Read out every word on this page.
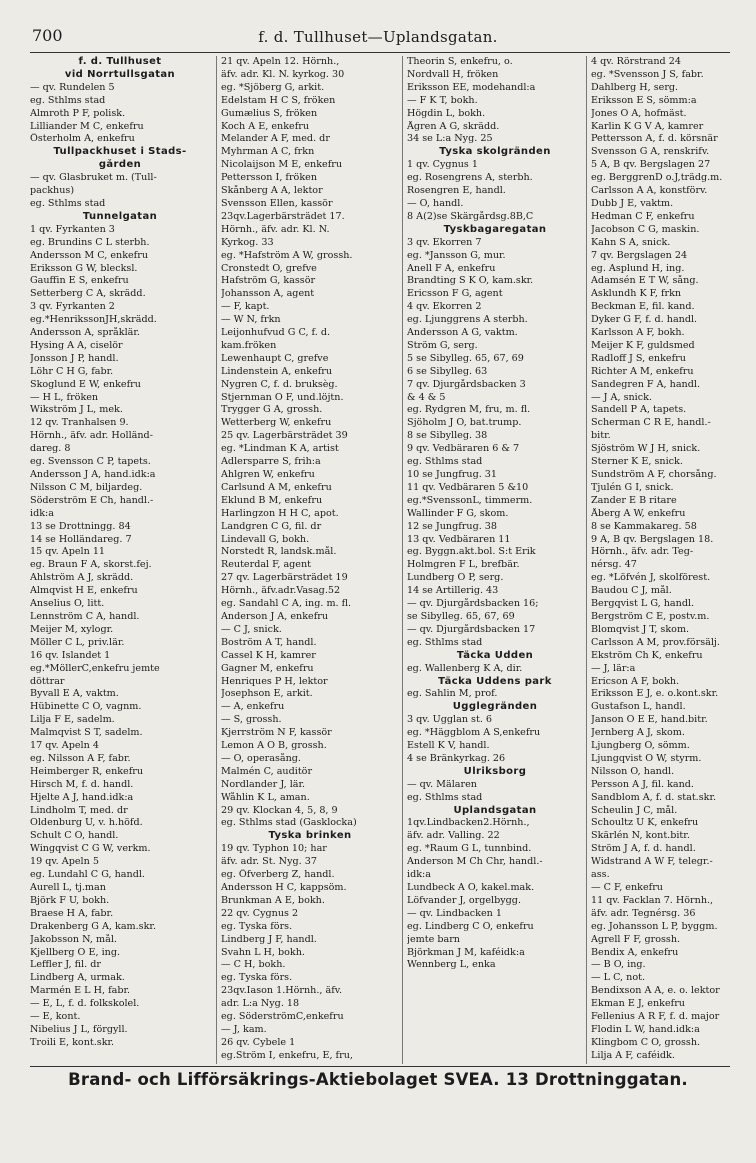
700	f. d. Tullhuset—Uplandsgatan.
f. d. Tullhuset
vid Norrtullsgatan
— qv. Rundelen 5
eg. Sthlms stad
Almroth P F, polisk.
Lilliander M C, enkefru
Österholm A, enkefru
Tullpackhuset i Stads-
gården
— qv. Glasbruket m. (Tull-
packhus)
eg. Sthlms stad
Tunnelgatan
1 qv. Fyrkanten 3
eg. Brundins C L sterbh.
Andersson M C, enkefru
Eriksson G W, blecksl.
Gauffin E S, enkefru
Setterberg C A, skrädd.
3 qv. Fyrkanten 2
eg.*HenrikssonJH,skrädd.
Andersson A, språklär.
Hysing A A, ciselör
Jonsson J P, handl.
Löhr C H G, fabr.
Skoglund E W, enkefru
— H L, fröken
Wikström J L, mek.
12 qv. Tranhalsen 9.
Hörnh., äfv. adr. Holländ-
dareg. 8
eg. Svensson C P, tapets.
Andersson J A, hand.idk:a
Nilsson C M, biljardeg.
Söderström E Ch, handl.-
idk:a
13 se Drottningg. 84
14 se Holländareg. 7
15 qv. Apeln 11
eg. Braun F A, skorst.fej.
Ahlström A J, skrädd.
Almqvist H E, enkefru
Anselius O, litt.
Lennström C A, handl.
Meijer M, xylogr.
Möller C L, priv.lär.
16 qv. Islandet 1
eg.*MöllerC,enkefru jemte
döttrar
Byvall E A, vaktm.
Hübinette C O, vagnm.
Lilja F E, sadelm.
Malmqvist S T, sadelm.
17 qv. Apeln 4
eg. Nilsson A F, fabr.
Heimberger R, enkefru
Hirsch M, f. d. handl.
Hjelte A J, hand.idk:a
Lindholm T, med. dr
Oldenburg U, v. h.höfd.
Schult C O, handl.
Wingqvist C G W, verkm.
19 qv. Apeln 5
eg. Lundahl C G, handl.
Aurell L, tj.man
Björk F U, bokh.
Braese H A, fabr.
Drakenberg G A, kam.skr.
Jakobsson N, mål.
Kjellberg O E, ing.
Leffler J, fil. dr
Lindberg A, urmak.
Marmén E L H, fabr.
— E, L, f. d. folkskolel.
— E, kont.
Nibelius J L, förgyll.
Troili E, kont.skr.
21 qv. Apeln 12. Hörnh.,
äfv. adr. Kl. N. kyrkog. 30
eg. *Sjöberg G, arkit.
Edelstam H C S, fröken
Gumælius S, fröken
Koch A E, enkefru
Melander A F, med. dr
Myhrman A C, frkn
Nicolaijson M E, enkefru
Pettersson I, fröken
Skånberg A A, lektor
Svensson Ellen, kassör
23qv.Lagerbärsträdet 17.
Hörnh., äfv. adr. Kl. N.
Kyrkog. 33
eg. *Hafström A W, grossh.
Cronstedt O, grefve
Hafström G, kassör
Johansson A, agent
— F, kapt.
— W N, frkn
Leijonhufvud G C, f. d.
kam.fröken
Lewenhaupt C, grefve
Lindenstein A, enkefru
Nygren C, f. d. bruksèg.
Stjernman O F, und.löjtn.
Trygger G A, grossh.
Wetterberg W, enkefru
25 qv. Lagerbärsträdet 39
eg. *Lindman K A, artist
Adlersparre S, frih:a
Ahlgren W, enkefru
Carlsund A M, enkefru
Eklund B M, enkefru
Harlingzon H H C, apot.
Landgren C G, fil. dr
Lindevall G, bokh.
Norstedt R, landsk.mål.
Reuterdal F, agent
27 qv. Lagerbärsträdet 19
Hörnh., äfv.adr.Vasag.52
eg. Sandahl C A, ing. m. fl.
Anderson J A, enkefru
— C J, snick.
Boström A T, handl.
Cassel K H, kamrer
Gagner M, enkefru
Henriques P H, lektor
Josephson E, arkit.
— A, enkefru
— S, grossh.
Kjerrström N F, kassör
Lemon A O B, grossh.
— O, operasång.
Malmén C, auditör
Nordlander J, lär.
Wåhlin K L, aman.
29 qv. Klockan 4, 5, 8, 9
eg. Sthlms stad (Gasklocka)
Tyska brinken
19 qv. Typhon 10; har
äfv. adr. St. Nyg. 37
eg. Öfverberg Z, handl.
Andersson H C, kappsöm.
Brunkman A E, bokh.
22 qv. Cygnus 2
eg. Tyska förs.
Lindberg J F, handl.
Svahn L H, bokh.
— C H, bokh.
eg. Tyska förs.
23qv.Iason 1.Hörnh., äfv.
adr. L:a Nyg. 18
eg. SöderströmC,enkefru
— J, kam.
26 qv. Cybele 1
eg.Ström I, enkefru, E, fru,
Theorin S, enkefru, o.
Nordvall H, fröken
Eriksson EE, modehandl:a
— F K T, bokh.
Högdin L, bokh.
Ågren A G, skrädd.
34 se L:a Nyg. 25
Tyska skolgränden
1 qv. Cygnus 1
eg. Rosengrens A, sterbh.
Rosengren E, handl.
— O, handl.
8 A(2)se Skärgårdsg.8B,C
Tyskbagaregatan
3 qv. Ekorren 7
eg. *Jansson G, mur.
Anell F A, enkefru
Brandting S K O, kam.skr.
Ericsson F G, agent
4 qv. Ekorren 2
eg. Ljunggrens A sterbh.
Andersson A G, vaktm.
Ström G, serg.
5 se Sibylleg. 65, 67, 69
6 se Sibylleg. 63
7 qv. Djurgårdsbacken 3
& 4 & 5
eg. Rydgren M, fru, m. fl.
Sjöholm J O, bat.trump.
8 se Sibylleg. 38
9 qv. Vedbäraren 6 & 7
eg. Sthlms stad
10 se Jungfrug. 31
11 qv. Vedbäraren 5 &10
eg.*SvenssonL, timmerm.
Wallinder F G, skom.
12 se Jungfrug. 38
13 qv. Vedbäraren 11
eg. Byggn.akt.bol. S:t Erik
Holmgren F L, brefbär.
Lundberg O P, serg.
14 se Artillerig. 43
— qv. Djurgårdsbacken 16;
se Sibylleg. 65, 67, 69
— qv. Djurgårdsbacken 17
eg. Sthlms stad
Täcka Udden
eg. Wallenberg K A, dir.
Täcka Uddens park
eg. Sahlin M, prof.
Ugglegränden
3 qv. Ugglan st. 6
eg. *Häggblom A S,enkefru
Estell K V, handl.
4 se Bränkyrkag. 26
Ulriksborg
— qv. Mälaren
eg. Sthlms stad
Uplandsgatan
1qv.Lindbacken2.Hörnh.,
äfv. adr. Valling. 22
eg. *Raum G L, tunnbind.
Anderson M Ch Chr, handl.-
idk:a
Lundbeck A O, kakel.mak.
Löfvander J, orgelbygg.
— qv. Lindbacken 1
eg. Lindberg C O, enkefru
jemte barn
Björkman J M, kaféidk:a
Wennberg L, enka
4 qv. Rörstrand 24
eg. *Svensson J S, fabr.
Dahlberg H, serg.
Eriksson E S, sömm:a
Jones O A, hofmäst.
Karlin K G V A, kamrer
Pettersson A, f. d. körsnär
Svensson G A, renskrifv.
5 A, B qv. Bergslagen 27
eg. BerggrenD o.J,trädg.m.
Carlsson A A, konstförv.
Dubb J E, vaktm.
Hedman C F, enkefru
Jacobson C G, maskin.
Kahn S A, snick.
7 qv. Bergslagen 24
eg. Asplund H, ing.
Adamsén E T W, sång.
Asklundh K F, frkn
Beckman E, fil. kand.
Dyker G F, f. d. handl.
Karlsson A F, bokh.
Meijer K F, guldsmed
Radloff J S, enkefru
Richter A M, enkefru
Sandegren F A, handl.
— J A, snick.
Sandell P A, tapets.
Scherman C R E, handl.-
bitr.
Sjöström W J H, snick.
Sterner K E, snick.
Sundström A F, chorsång.
Tjulén G I, snick.
Zander E B ritare
Åberg A W, enkefru
8 se Kammakareg. 58
9 A, B qv. Bergslagen 18.
Hörnh., äfv. adr. Teg-
nérsg. 47
eg. *Löfvén J, skolförest.
Baudou C J, mål.
Bergqvist L G, handl.
Bergström C E, postv.m.
Blomqvist J T, skom.
Carlsson A M, prov.försälj.
Ekström Ch K, enkefru
— J, lär:a
Ericson A F, bokh.
Eriksson E J, e. o.kont.skr.
Gustafson L, handl.
Janson O E E, hand.bitr.
Jernberg A J, skom.
Ljungberg O, sömm.
Ljungqvist O W, styrm.
Nilsson O, handl.
Persson A J, fil. kand.
Sandblom A, f. d. stat.skr.
Scheulin J C, mål.
Schoultz U K, enkefru
Skärlén N, kont.bitr.
Ström J A, f. d. handl.
Widstrand A W F, telegr.-
ass.
— C F, enkefru
11 qv. Facklan 7. Hörnh.,
äfv. adr. Tegnérsg. 36
eg. Johansson L P, byggm.
Agrell F F, grossh.
Bendix A, enkefru
— B O, ing.
— L C, not.
Bendixson A A, e. o. lektor
Ekman E J, enkefru
Fellenius A R F, f. d. major
Flodin L W, hand.idk:a
Klingbom C O, grossh.
Lilja A F, caféidk.
Brand- och Lifförsäkrings-Aktiebolaget SVEA. 13 Drottninggatan.
